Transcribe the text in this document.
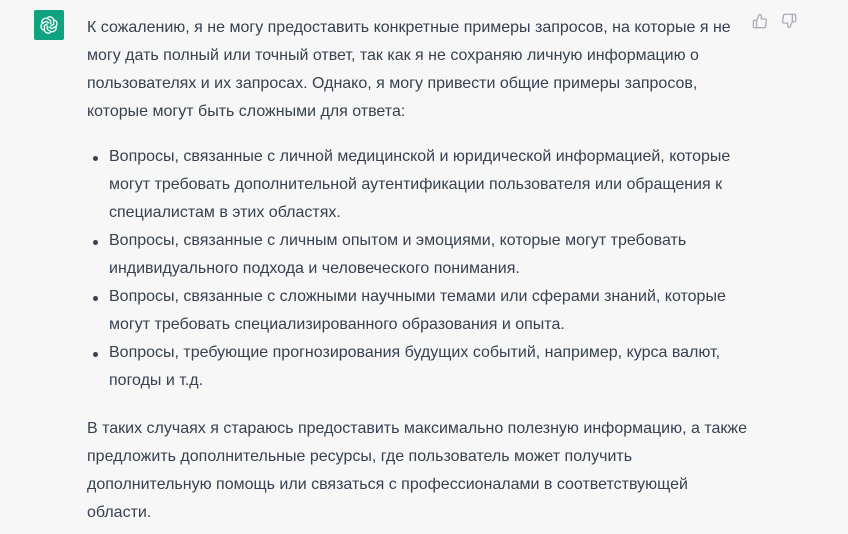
К сожалению, я не могу предоставить конкретные примеры запросов, на которые я не могу дать полный или точный ответ, так как я не сохраняю личную информацию о пользователях и их запросах. Однако, я могу привести общие примеры запросов, которые могут быть сложными для ответа:

Вопросы, связанные с личной медицинской и юридической информацией, которые могут требовать дополнительной аутентификации пользователя или обращения к специалистам в этих областях.
Вопросы, связанные с личным опытом и эмоциями, которые могут требовать индивидуального подхода и человеческого понимания.
Вопросы, связанные с сложными научными темами или сферами знаний, которые могут требовать специализированного образования и опыта.
Вопросы, требующие прогнозирования будущих событий, например, курса валют, погоды и т.д.

В таких случаях я стараюсь предоставить максимально полезную информацию, а также предложить дополнительные ресурсы, где пользователь может получить дополнительную помощь или связаться с профессионалами в соответствующей области.
